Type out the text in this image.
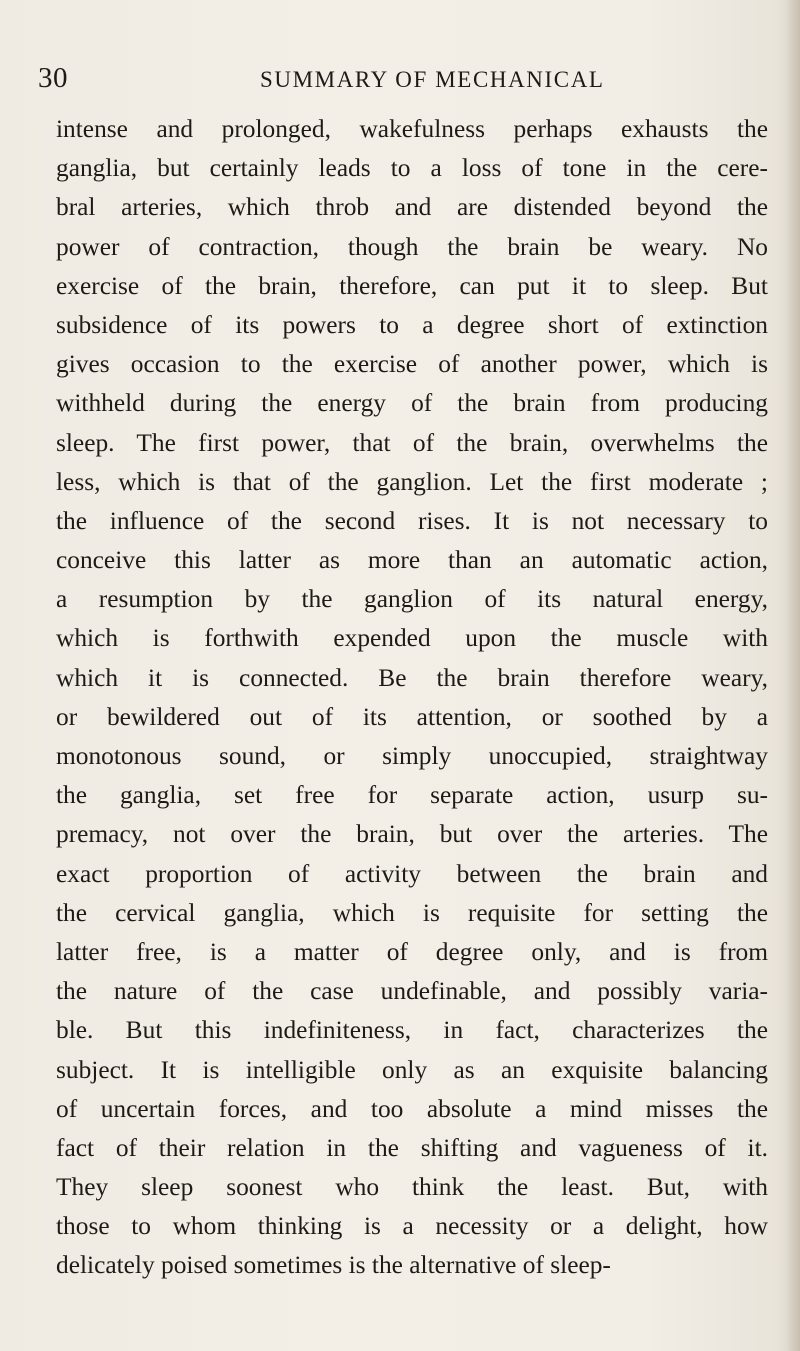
30	SUMMARY OF MECHANICAL
intense and prolonged, wakefulness perhaps exhausts the
ganglia, but certainly leads to a loss of tone in the cere-
bral arteries, which throb and are distended beyond the
power of contraction, though the brain be weary. No
exercise of the brain, therefore, can put it to sleep. But
subsidence of its powers to a degree short of extinction
gives occasion to the exercise of another power, which is
withheld during the energy of the brain from producing
sleep. The first power, that of the brain, overwhelms the
less, which is that of the ganglion. Let the first moderate ;
the influence of the second rises. It is not necessary to
conceive this latter as more than an automatic action,
a resumption by the ganglion of its natural energy,
which is forthwith expended upon the muscle with
which it is connected. Be the brain therefore weary,
or bewildered out of its attention, or soothed by a
monotonous sound, or simply unoccupied, straightway
the ganglia, set free for separate action, usurp su-
premacy, not over the brain, but over the arteries. The
exact proportion of activity between the brain and
the cervical ganglia, which is requisite for setting the
latter free, is a matter of degree only, and is from
the nature of the case undefinable, and possibly varia-
ble. But this indefiniteness, in fact, characterizes the
subject. It is intelligible only as an exquisite balancing
of uncertain forces, and too absolute a mind misses the
fact of their relation in the shifting and vagueness of it.
They sleep soonest who think the least. But, with
those to whom thinking is a necessity or a delight, how
delicately poised sometimes is the alternative of sleep-
